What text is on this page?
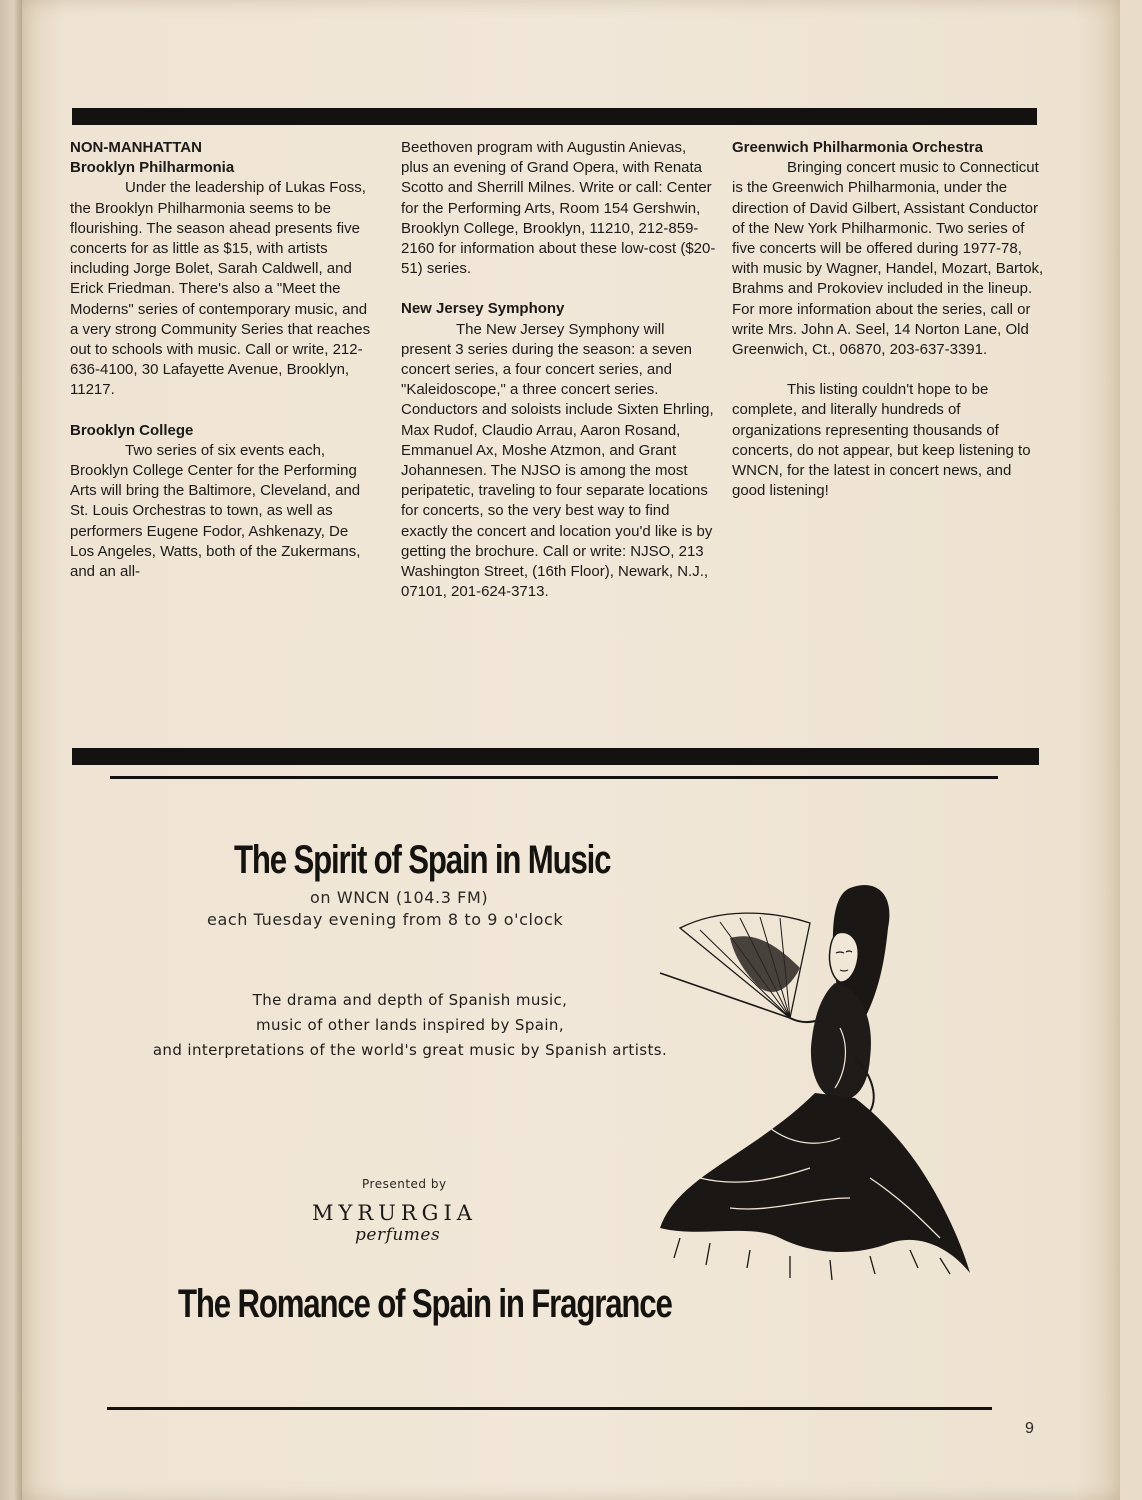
NON-MANHATTAN

Brooklyn Philharmonia

Under the leadership of Lukas Foss, the Brooklyn Philharmonia seems to be flourishing. The season ahead presents five concerts for as little as $15, with artists including Jorge Bolet, Sarah Caldwell, and Erick Friedman. There's also a "Meet the Moderns" series of contemporary music, and a very strong Community Series that reaches out to schools with music. Call or write, 212-636-4100, 30 Lafayette Avenue, Brooklyn, 11217.

Brooklyn College

Two series of six events each, Brooklyn College Center for the Performing Arts will bring the Baltimore, Cleveland, and St. Louis Orchestras to town, as well as performers Eugene Fodor, Ashkenazy, De Los Angeles, Watts, both of the Zukermans, and an all-

Beethoven program with Augustin Anievas, plus an evening of Grand Opera, with Renata Scotto and Sherrill Milnes. Write or call: Center for the Performing Arts, Room 154 Gershwin, Brooklyn College, Brooklyn, 11210, 212-859-2160 for information about these low-cost ($20-51) series.

New Jersey Symphony

The New Jersey Symphony will present 3 series during the season: a seven concert series, a four concert series, and "Kaleidoscope," a three concert series. Conductors and soloists include Sixten Ehrling, Max Rudof, Claudio Arrau, Aaron Rosand, Emmanuel Ax, Moshe Atzmon, and Grant Johannesen. The NJSO is among the most peripatetic, traveling to four separate locations for concerts, so the very best way to find exactly the concert and location you'd like is by getting the brochure. Call or write: NJSO, 213 Washington Street, (16th Floor), Newark, N.J., 07101, 201-624-3713.

Greenwich Philharmonia Orchestra

Bringing concert music to Connecticut is the Greenwich Philharmonia, under the direction of David Gilbert, Assistant Conductor of the New York Philharmonic. Two series of five concerts will be offered during 1977-78, with music by Wagner, Handel, Mozart, Bartok, Brahms and Prokoviev included in the lineup. For more information about the series, call or write Mrs. John A. Seel, 14 Norton Lane, Old Greenwich, Ct., 06870, 203-637-3391.

This listing couldn't hope to be complete, and literally hundreds of organizations representing thousands of concerts, do not appear, but keep listening to WNCN, for the latest in concert news, and good listening!

The Spirit of Spain in Music
on WNCN (104.3 FM)
each Tuesday evening from 8 to 9 o'clock
The drama and depth of Spanish music,
music of other lands inspired by Spain,
and interpretations of the world's great music by Spanish artists.
Presented by
MYRURGIA
perfumes
The Romance of Spain in Fragrance
9
